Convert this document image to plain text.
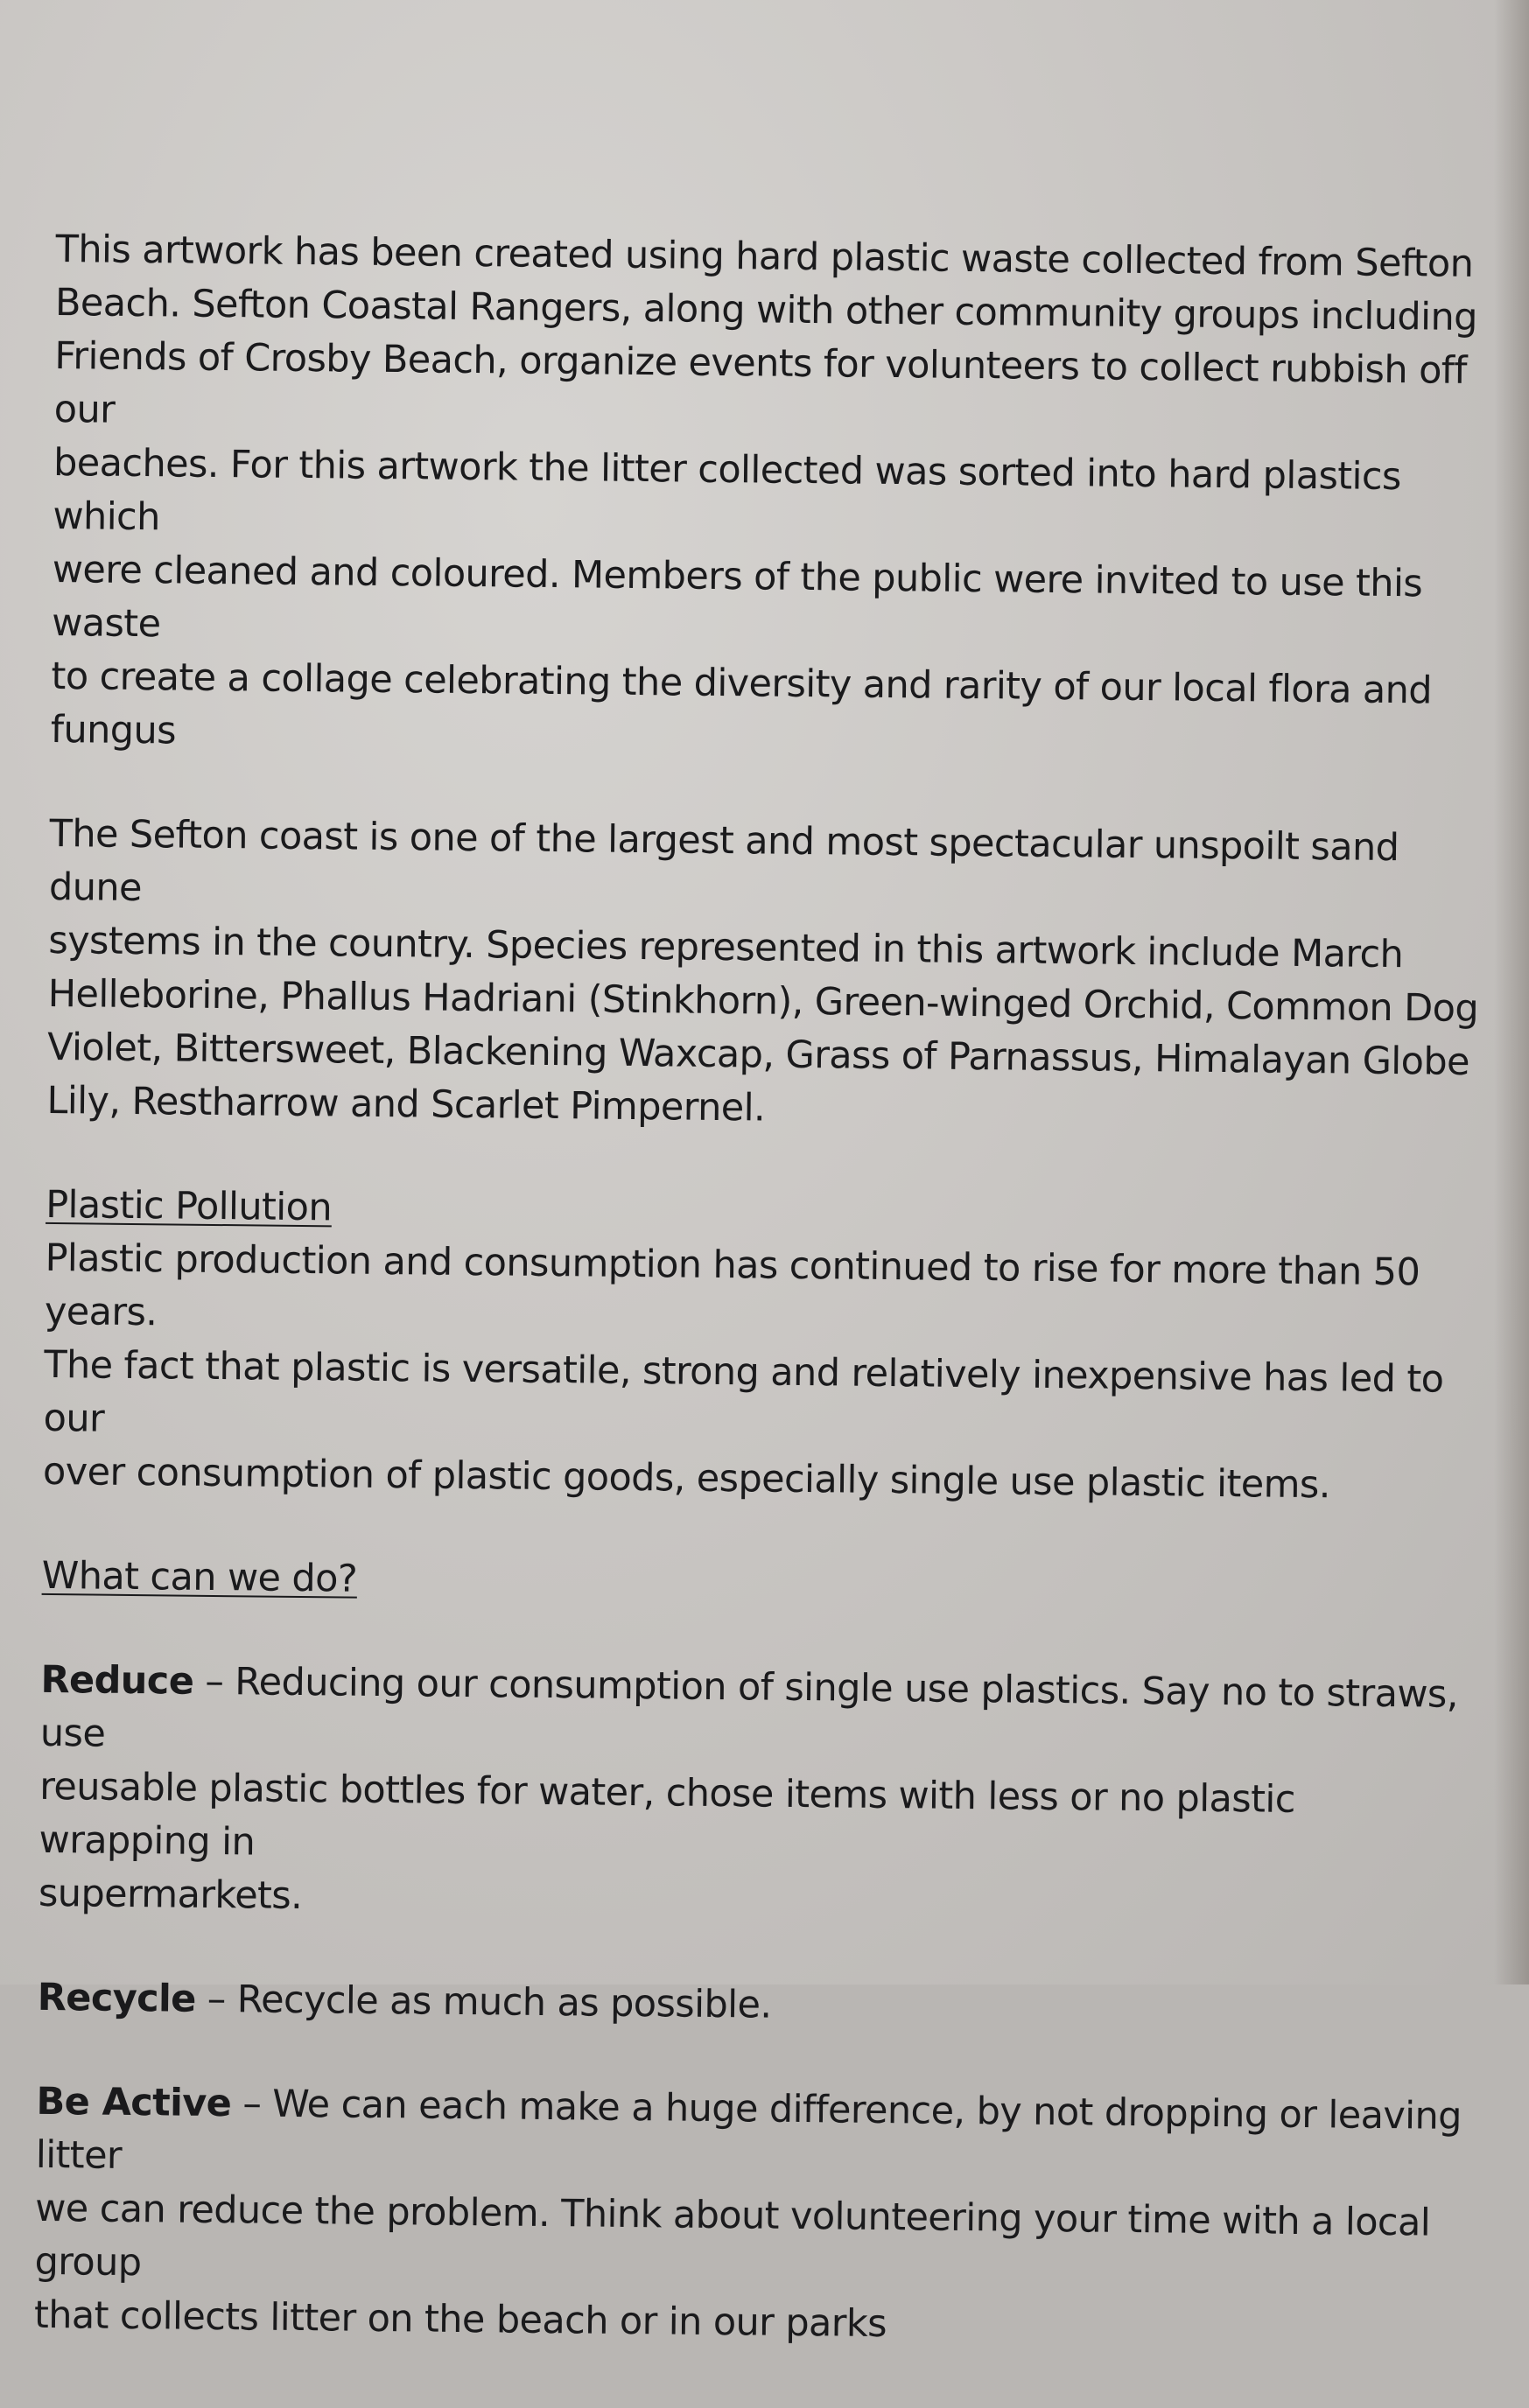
This artwork has been created using hard plastic waste collected from Sefton
Beach. Sefton Coastal Rangers, along with other community groups including
Friends of Crosby Beach, organize events for volunteers to collect rubbish off our
beaches. For this artwork the litter collected was sorted into hard plastics which
were cleaned and coloured. Members of the public were invited to use this waste
to create a collage celebrating the diversity and rarity of our local flora and fungus

The Sefton coast is one of the largest and most spectacular unspoilt sand dune
systems in the country. Species represented in this artwork include March
Helleborine, Phallus Hadriani (Stinkhorn), Green-winged Orchid, Common Dog
Violet, Bittersweet, Blackening Waxcap, Grass of Parnassus, Himalayan Globe
Lily, Restharrow and Scarlet Pimpernel.

Plastic Pollution

Plastic production and consumption has continued to rise for more than 50 years.
The fact that plastic is versatile, strong and relatively inexpensive has led to our
over consumption of plastic goods, especially single use plastic items.

What can we do?

Reduce – Reducing our consumption of single use plastics. Say no to straws, use
reusable plastic bottles for water, chose items with less or no plastic wrapping in
supermarkets.

Recycle – Recycle as much as possible.

Be Active – We can each make a huge difference, by not dropping or leaving litter
we can reduce the problem. Think about volunteering your time with a local group
that collects litter on the beach or in our parks
